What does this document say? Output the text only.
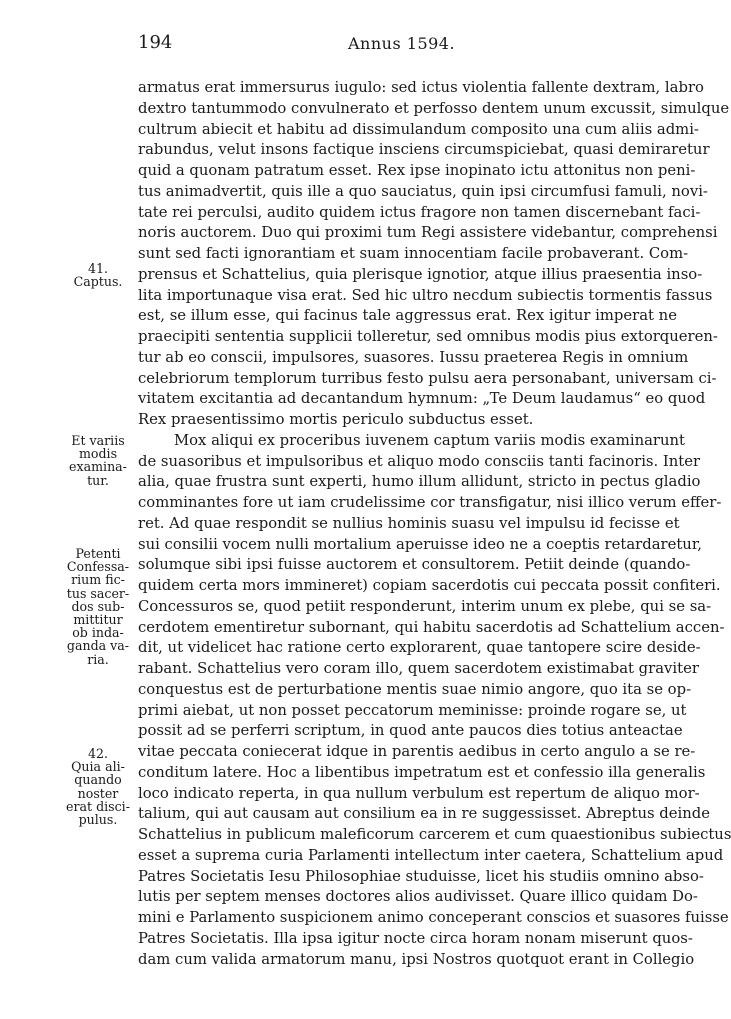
194	Annus 1594.
armatus erat immersurus iugulo: sed ictus violentia fallente dextram, labro
dextro tantummodo convulnerato et perfosso dentem unum excussit, simulque
cultrum abiecit et habitu ad dissimulandum composito una cum aliis admi-
rabundus, velut insons factique insciens circumspiciebat, quasi demiraretur
quid a quonam patratum esset. Rex ipse inopinato ictu attonitus non peni-
tus animadvertit, quis ille a quo sauciatus, quin ipsi circumfusi famuli, novi-
tate rei perculsi, audito quidem ictus fragore non tamen discernebant faci-
noris auctorem. Duo qui proximi tum Regi assistere videbantur, comprehensi
sunt sed facti ignorantiam et suam innocentiam facile probaverant. Com-
prensus et Schattelius, quia plerisque ignotior, atque illius praesentia inso-
lita importunaque visa erat. Sed hic ultro necdum subiectis tormentis fassus
est, se illum esse, qui facinus tale aggressus erat. Rex igitur imperat ne
praecipiti sententia supplicii tolleretur, sed omnibus modis pius extorqueren-
tur ab eo conscii, impulsores, suasores. Iussu praeterea Regis in omnium
celebriorum templorum turribus festo pulsu aera personabant, universam ci-
vitatem excitantia ad decantandum hymnum: „Te Deum laudamus“ eo quod
Rex praesentissimo mortis periculo subductus esset.
Mox aliqui ex proceribus iuvenem captum variis modis examinarunt
de suasoribus et impulsoribus et aliquo modo consciis tanti facinoris. Inter
alia, quae frustra sunt experti, humo illum allidunt, stricto in pectus gladio
comminantes fore ut iam crudelissime cor transfigatur, nisi illico verum effer-
ret. Ad quae respondit se nullius hominis suasu vel impulsu id fecisse et
sui consilii vocem nulli mortalium aperuisse ideo ne a coeptis retardaretur,
solumque sibi ipsi fuisse auctorem et consultorem. Petiit deinde (quando-
quidem certa mors immineret) copiam sacerdotis cui peccata possit confiteri.
Concessuros se, quod petiit responderunt, interim unum ex plebe, qui se sa-
cerdotem ementiretur subornant, qui habitu sacerdotis ad Schattelium accen-
dit, ut videlicet hac ratione certo explorarent, quae tantopere scire deside-
rabant. Schattelius vero coram illo, quem sacerdotem existimabat graviter
conquestus est de perturbatione mentis suae nimio angore, quo ita se op-
primi aiebat, ut non posset peccatorum meminisse: proinde rogare se, ut
possit ad se perferri scriptum, in quod ante paucos dies totius anteactae
vitae peccata coniecerat idque in parentis aedibus in certo angulo a se re-
conditum latere. Hoc a libentibus impetratum est et confessio illa generalis
loco indicato reperta, in qua nullum verbulum est repertum de aliquo mor-
talium, qui aut causam aut consilium ea in re suggessisset. Abreptus deinde
Schattelius in publicum maleficorum carcerem et cum quaestionibus subiectus
esset a suprema curia Parlamenti intellectum inter caetera, Schattelium apud
Patres Societatis Iesu Philosophiae studuisse, licet his studiis omnino abso-
lutis per septem menses doctores alios audivisset. Quare illico quidam Do-
mini e Parlamento suspicionem animo conceperant conscios et suasores fuisse
Patres Societatis. Illa ipsa igitur nocte circa horam nonam miserunt quos-
dam cum valida armatorum manu, ipsi Nostros quotquot erant in Collegio
41.
Captus.
Et variis
modis
examina-
tur.
Petenti
Confessa-
rium fic-
tus sacer-
dos sub-
mittitur
ob inda-
ganda va-
ria.
42.
Quia ali-
quando
noster
erat disci-
pulus.
